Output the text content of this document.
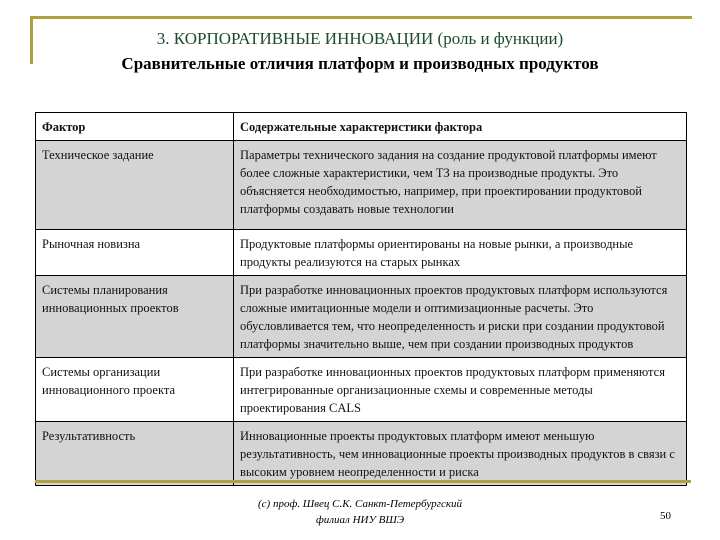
3. КОРПОРАТИВНЫЕ ИННОВАЦИИ (роль и функции)
Сравнительные отличия платформ и производных продуктов
Фактор	Содержательные характеристики фактора
Техническое задание	Параметры технического задания на создание продуктовой платформы имеют более сложные характеристики, чем ТЗ на производные продукты. Это объясняется необходимостью, например, при проектировании продуктовой платформы создавать новые технологии
Рыночная новизна	Продуктовые платформы ориентированы на новые рынки, а производные продукты реализуются на старых рынках
Системы планирования инновационных проектов	При разработке инновационных проектов продуктовых платформ используются сложные имитационные модели и оптимизационные расчеты. Это обусловливается тем, что неопределенность и риски при создании продуктовой платформы значительно выше, чем при создании производных продуктов
Системы организации инновационного проекта	При разработке инновационных проектов продуктовых платформ применяются интегрированные организационные схемы и современные методы проектирования CALS
Результативность	Инновационные проекты продуктовых платформ имеют меньшую результативность, чем инновационные проекты производных продуктов в связи с высоким уровнем неопределенности и риска
(c) проф. Швец С.К. Санкт-Петербургский
филиал НИУ ВШЭ	50
